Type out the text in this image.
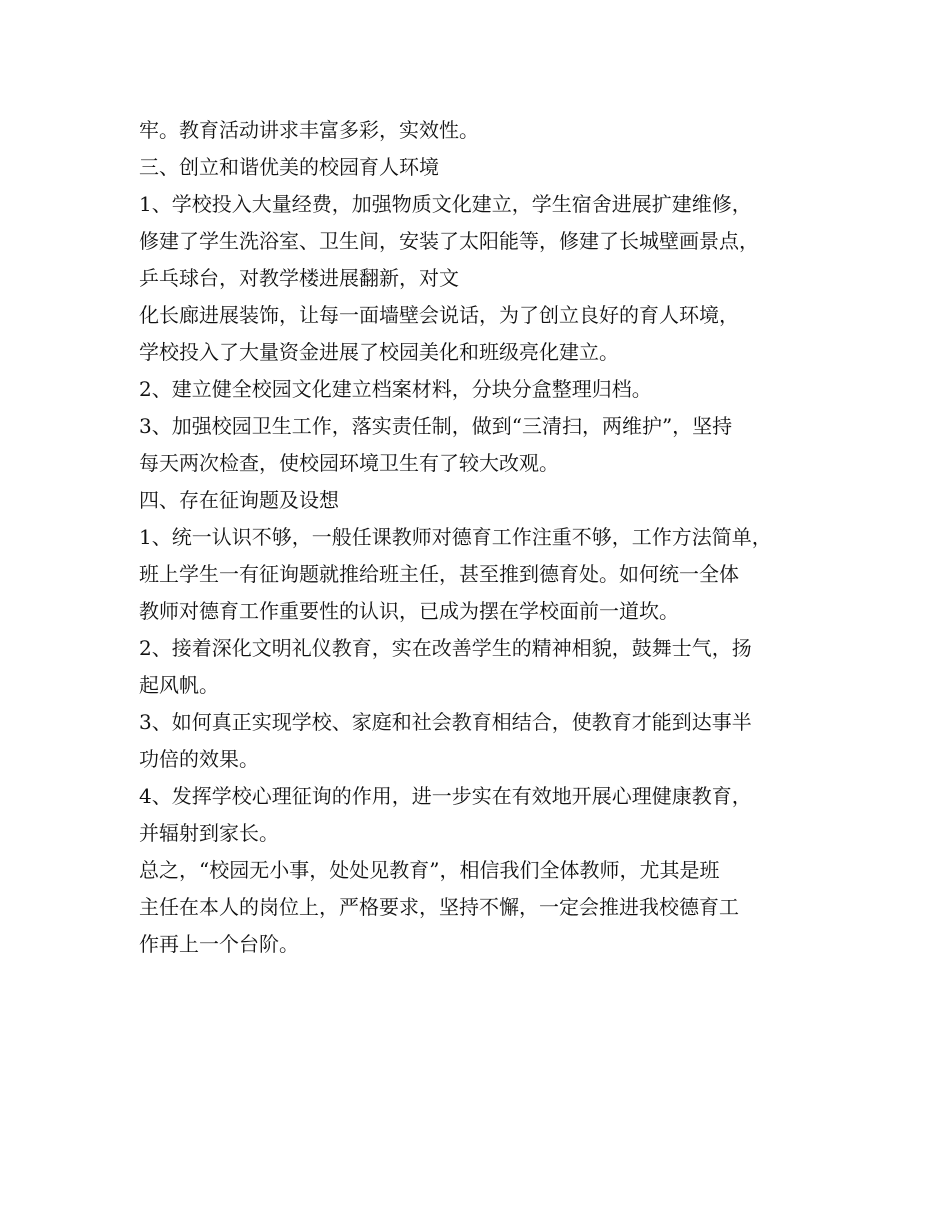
牢。教育活动讲求丰富多彩，实效性。
三、创立和谐优美的校园育人环境
1、学校投入大量经费，加强物质文化建立，学生宿舍进展扩建维修，
修建了学生洗浴室、卫生间，安装了太阳能等，修建了长城壁画景点，
乒乓球台，对教学楼进展翻新，对文
化长廊进展装饰，让每一面墙壁会说话，为了创立良好的育人环境，
学校投入了大量资金进展了校园美化和班级亮化建立。
2、建立健全校园文化建立档案材料，分块分盒整理归档。
3、加强校园卫生工作，落实责任制，做到“三清扫，两维护”，坚持
每天两次检查，使校园环境卫生有了较大改观。
四、存在征询题及设想
1、统一认识不够，一般任课教师对德育工作注重不够，工作方法简单，
班上学生一有征询题就推给班主任，甚至推到德育处。如何统一全体
教师对德育工作重要性的认识，已成为摆在学校面前一道坎。
2、接着深化文明礼仪教育，实在改善学生的精神相貌，鼓舞士气，扬
起风帆。
3、如何真正实现学校、家庭和社会教育相结合，使教育才能到达事半
功倍的效果。
4、发挥学校心理征询的作用，进一步实在有效地开展心理健康教育，
并辐射到家长。
总之，“校园无小事，处处见教育”，相信我们全体教师，尤其是班
主任在本人的岗位上，严格要求，坚持不懈，一定会推进我校德育工
作再上一个台阶。
